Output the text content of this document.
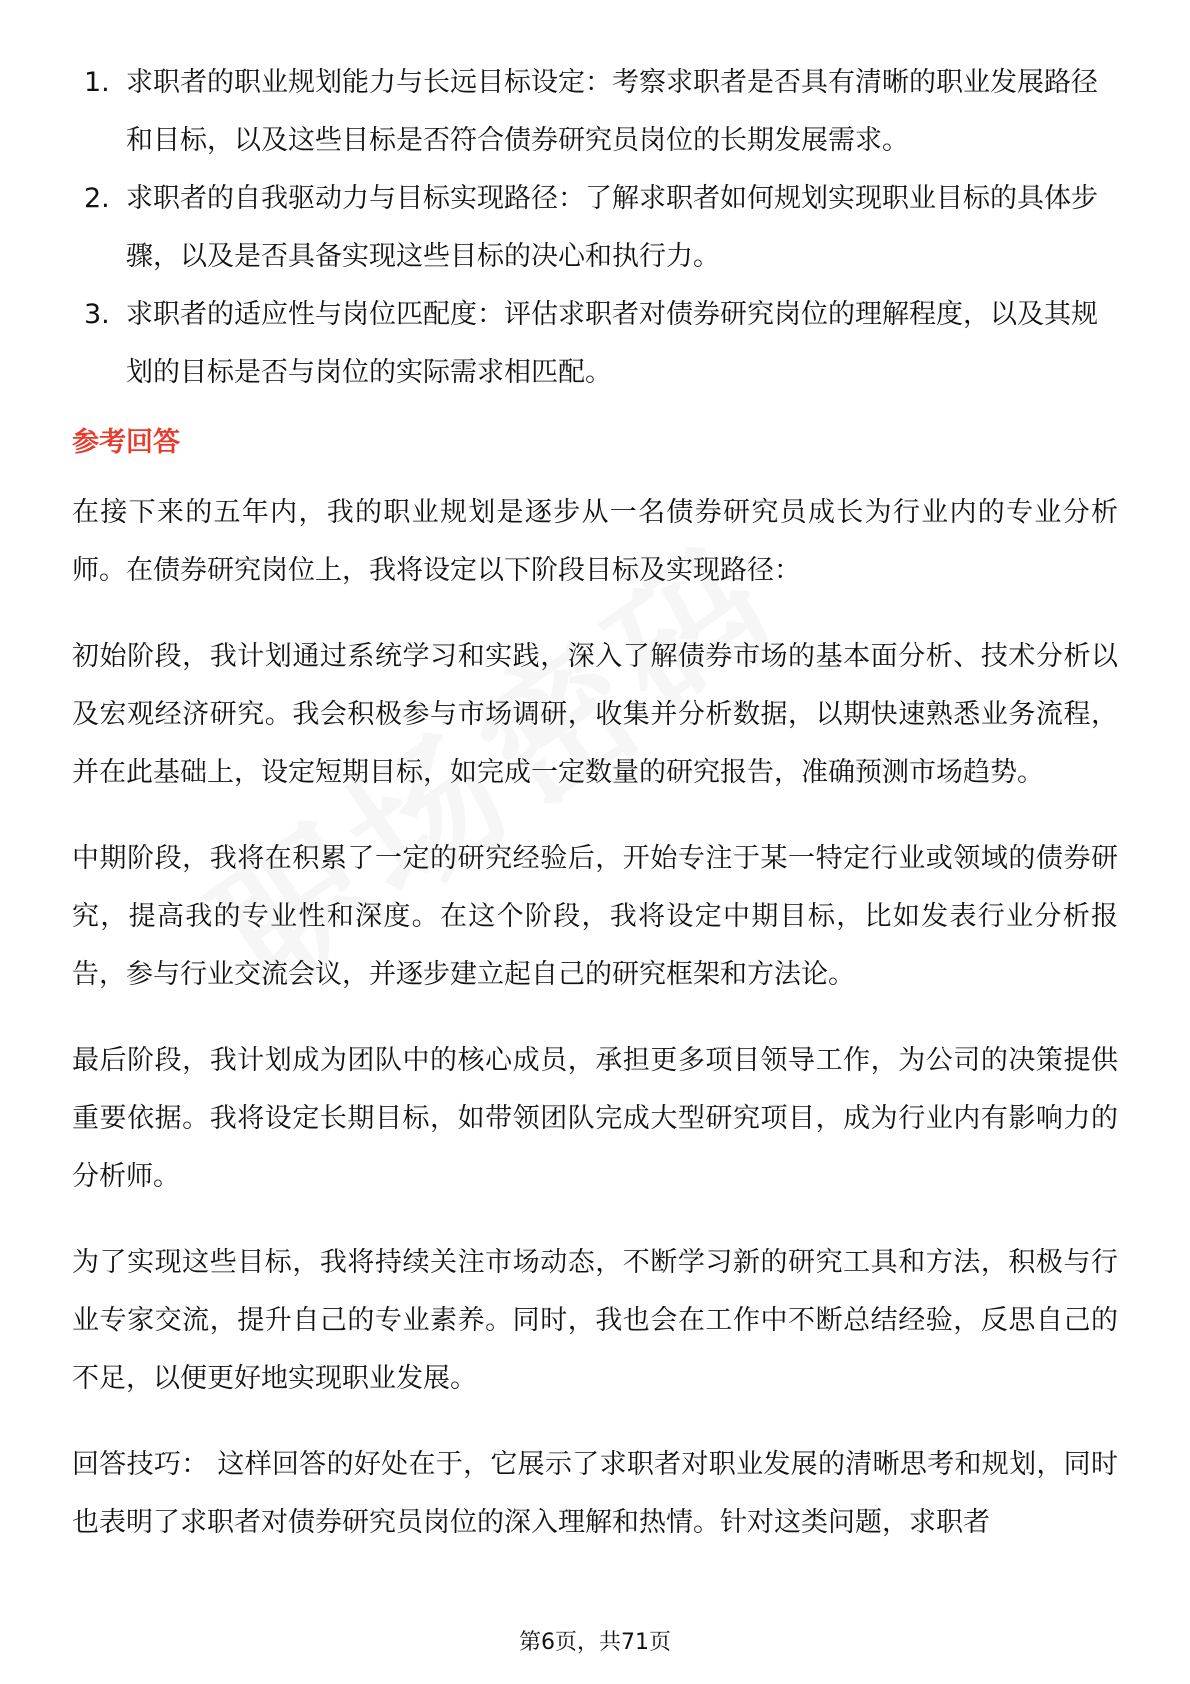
1. 求职者的职业规划能力与长远目标设定：考察求职者是否具有清晰的职业发展路径和目标，以及这些目标是否符合债券研究员岗位的长期发展需求。
2. 求职者的自我驱动力与目标实现路径：了解求职者如何规划实现职业目标的具体步骤，以及是否具备实现这些目标的决心和执行力。
3. 求职者的适应性与岗位匹配度：评估求职者对债券研究岗位的理解程度，以及其规划的目标是否与岗位的实际需求相匹配。
参考回答

在接下来的五年内，我的职业规划是逐步从一名债券研究员成长为行业内的专业分析师。在债券研究岗位上，我将设定以下阶段目标及实现路径：

初始阶段，我计划通过系统学习和实践，深入了解债券市场的基本面分析、技术分析以及宏观经济研究。我会积极参与市场调研，收集并分析数据，以期快速熟悉业务流程，并在此基础上，设定短期目标，如完成一定数量的研究报告，准确预测市场趋势。

中期阶段，我将在积累了一定的研究经验后，开始专注于某一特定行业或领域的债券研究，提高我的专业性和深度。在这个阶段，我将设定中期目标，比如发表行业分析报告，参与行业交流会议，并逐步建立起自己的研究框架和方法论。

最后阶段，我计划成为团队中的核心成员，承担更多项目领导工作，为公司的决策提供重要依据。我将设定长期目标，如带领团队完成大型研究项目，成为行业内有影响力的分析师。

为了实现这些目标，我将持续关注市场动态，不断学习新的研究工具和方法，积极与行业专家交流，提升自己的专业素养。同时，我也会在工作中不断总结经验，反思自己的不足，以便更好地实现职业发展。

回答技巧： 这样回答的好处在于，它展示了求职者对职业发展的清晰思考和规划，同时也表明了求职者对债券研究员岗位的深入理解和热情。针对这类问题，求职者

第6页，共71页
